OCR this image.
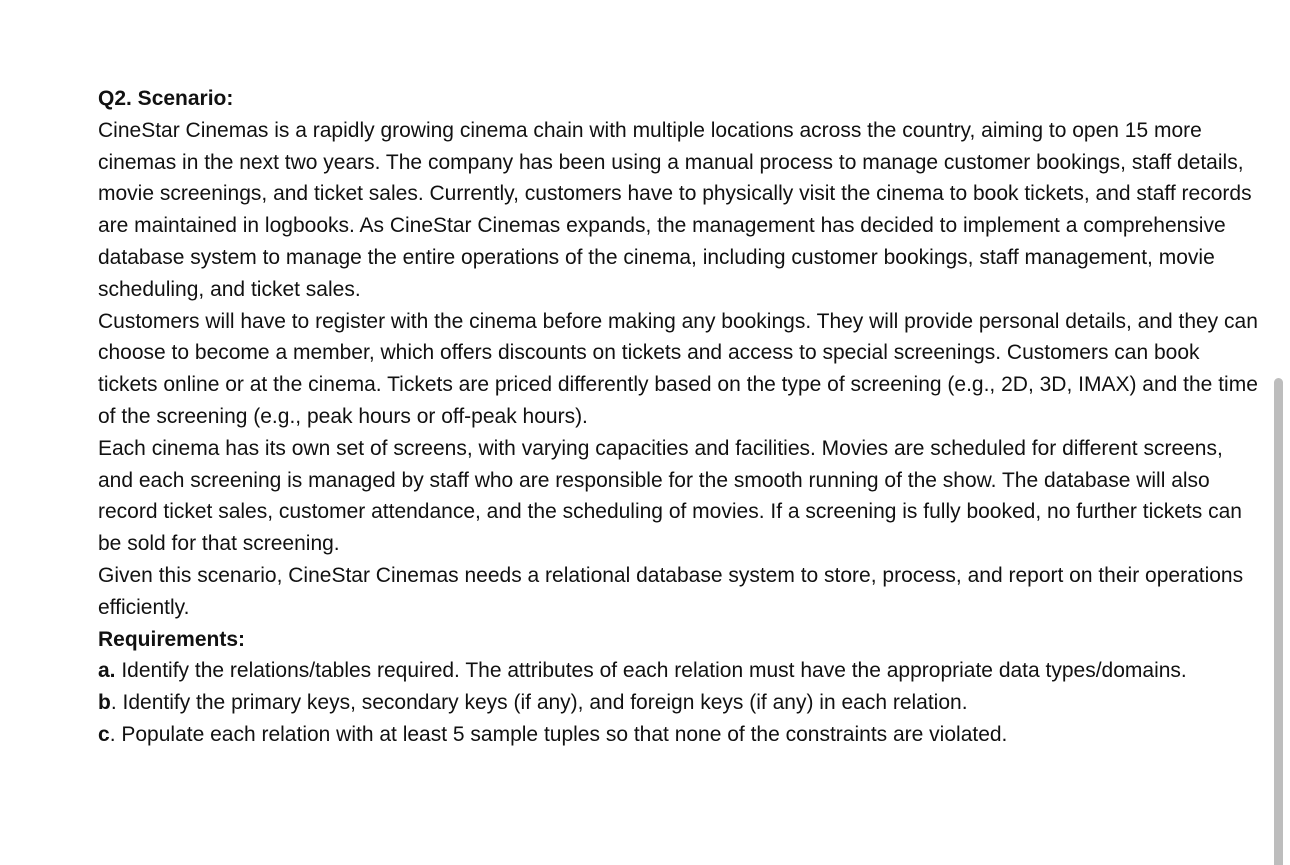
Q2. Scenario:

CineStar Cinemas is a rapidly growing cinema chain with multiple locations across the country, aiming to open 15 more cinemas in the next two years. The company has been using a manual process to manage customer bookings, staff details, movie screenings, and ticket sales. Currently, customers have to physically visit the cinema to book tickets, and staff records are maintained in logbooks. As CineStar Cinemas expands, the management has decided to implement a comprehensive database system to manage the entire operations of the cinema, including customer bookings, staff management, movie scheduling, and ticket sales.

Customers will have to register with the cinema before making any bookings. They will provide personal details, and they can choose to become a member, which offers discounts on tickets and access to special screenings. Customers can book tickets online or at the cinema. Tickets are priced differently based on the type of screening (e.g., 2D, 3D, IMAX) and the time of the screening (e.g., peak hours or off-peak hours).

Each cinema has its own set of screens, with varying capacities and facilities. Movies are scheduled for different screens, and each screening is managed by staff who are responsible for the smooth running of the show. The database will also record ticket sales, customer attendance, and the scheduling of movies. If a screening is fully booked, no further tickets can be sold for that screening.

Given this scenario, CineStar Cinemas needs a relational database system to store, process, and report on their operations efficiently.

Requirements:

a. Identify the relations/tables required. The attributes of each relation must have the appropriate data types/domains.

b. Identify the primary keys, secondary keys (if any), and foreign keys (if any) in each relation.

c. Populate each relation with at least 5 sample tuples so that none of the constraints are violated.
